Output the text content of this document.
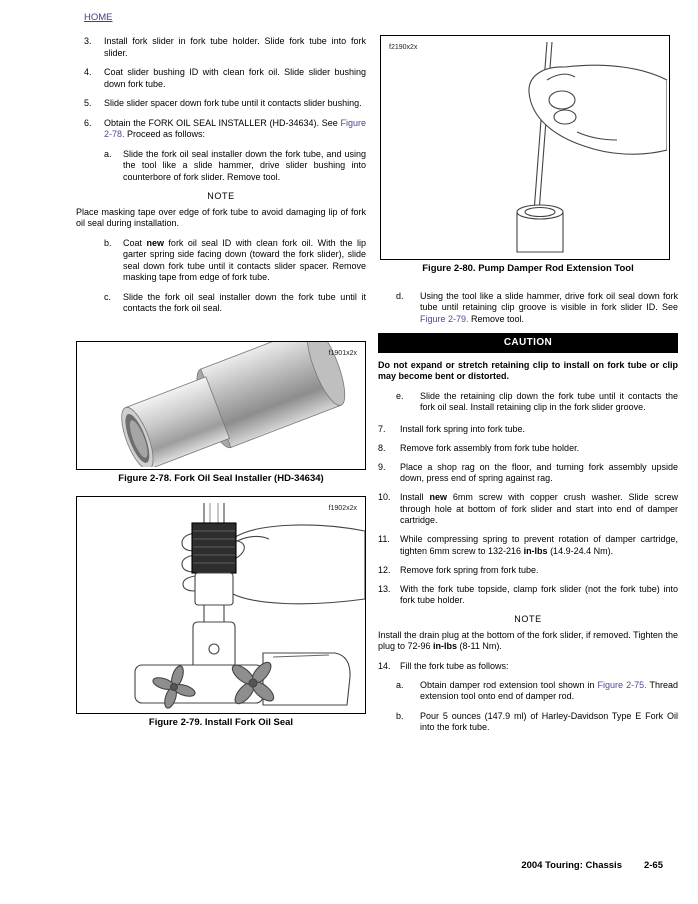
HOME
3. Install fork slider in fork tube holder. Slide fork tube into fork slider.
4. Coat slider bushing ID with clean fork oil. Slide slider bushing down fork tube.
5. Slide slider spacer down fork tube until it contacts slider bushing.
6. Obtain the FORK OIL SEAL INSTALLER (HD-34634). See Figure 2-78. Proceed as follows:
a. Slide the fork oil seal installer down the fork tube, and using the tool like a slide hammer, drive slider bushing into counterbore of fork slider. Remove tool.
NOTE
Place masking tape over edge of fork tube to avoid damaging lip of fork oil seal during installation.
b. Coat new fork oil seal ID with clean fork oil. With the lip garter spring side facing down (toward the fork slider), slide seal down fork tube until it contacts slider spacer. Remove masking tape from edge of fork tube.
c. Slide the fork oil seal installer down the fork tube until it contacts the fork oil seal.
f1901x2x
Figure 2-78. Fork Oil Seal Installer (HD-34634)
f1902x2x
Figure 2-79. Install Fork Oil Seal
f2190x2x
Figure 2-80. Pump Damper Rod Extension Tool
d. Using the tool like a slide hammer, drive fork oil seal down fork tube until retaining clip groove is visible in fork slider ID. See Figure 2-79. Remove tool.
CAUTION
Do not expand or stretch retaining clip to install on fork tube or clip may become bent or distorted.
e. Slide the retaining clip down the fork tube until it contacts the fork oil seal. Install retaining clip in the fork slider groove.
7. Install fork spring into fork tube.
8. Remove fork assembly from fork tube holder.
9. Place a shop rag on the floor, and turning fork assembly upside down, press end of spring against rag.
10. Install new 6mm screw with copper crush washer. Slide screw through hole at bottom of fork slider and start into end of damper cartridge.
11. While compressing spring to prevent rotation of damper cartridge, tighten 6mm screw to 132-216 in-lbs (14.9-24.4 Nm).
12. Remove fork spring from fork tube.
13. With the fork tube topside, clamp fork slider (not the fork tube) into fork tube holder.
NOTE
Install the drain plug at the bottom of the fork slider, if removed. Tighten the plug to 72-96 in-lbs (8-11 Nm).
14. Fill the fork tube as follows:
a. Obtain damper rod extension tool shown in Figure 2-75. Thread extension tool onto end of damper rod.
b. Pour 5 ounces (147.9 ml) of Harley-Davidson Type E Fork Oil into the fork tube.
2004 Touring: Chassis 2-65
